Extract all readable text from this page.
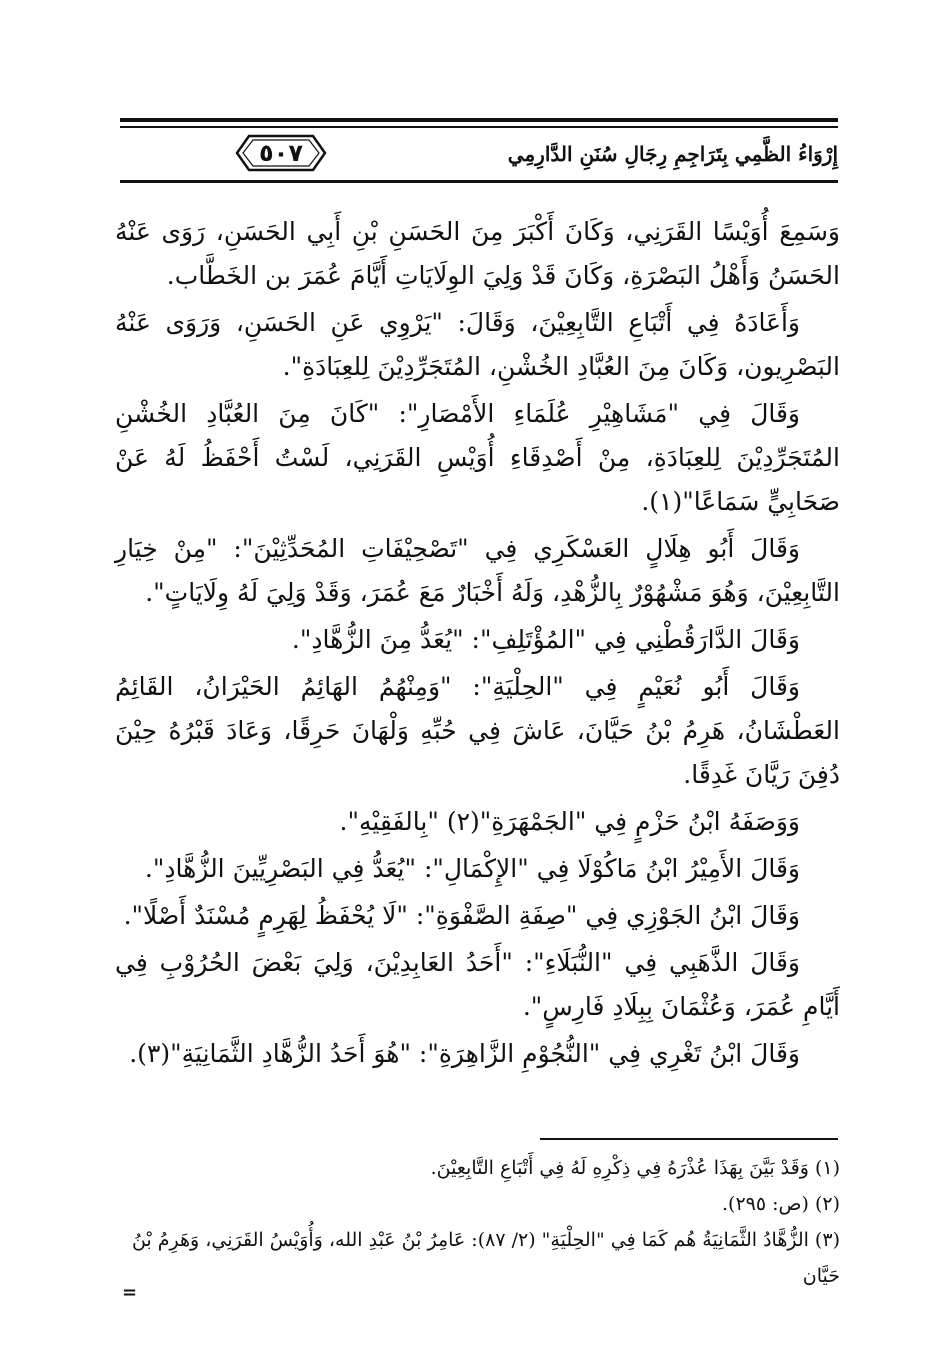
٥٠٧	إِرْوَاءُ الظَّمِي بِتَرَاجِمِ رِجَالِ سُنَنِ الدَّارِمِي

وَسَمِعَ أُوَيْسًا القَرَنِي، وَكَانَ أَكْبَرَ مِنَ الحَسَنِ بْنِ أَبِي الحَسَنِ، رَوَى عَنْهُ الحَسَنُ وَأَهْلُ البَصْرَةِ، وَكَانَ قَدْ وَلِيَ الوِلَايَاتِ أَيَّامَ عُمَرَ بن الخَطَّاب.

وَأَعَادَهُ فِي أَتْبَاعِ التَّابِعِيْنَ، وَقَالَ: "يَرْوِي عَنِ الحَسَنِ، وَرَوَى عَنْهُ البَصْرِيون، وَكَانَ مِنَ العُبَّادِ الخُشْنِ، المُتَجَرِّدِيْنَ لِلعِبَادَةِ".

وَقَالَ فِي "مَشَاهِيْرِ عُلَمَاءِ الأَمْصَارِ": "كَانَ مِنَ العُبَّادِ الخُشْنِ المُتَجَرِّدِيْنَ لِلعِبَادَةِ، مِنْ أَصْدِقَاءِ أُوَيْسِ القَرَنِي، لَسْتُ أَحْفَظُ لَهُ عَنْ صَحَابِيٍّ سَمَاعًا"(١).

وَقَالَ أَبُو هِلَالٍ العَسْكَرِي فِي "تَصْحِيْفَاتِ المُحَدِّثِيْنَ": "مِنْ خِيَارِ التَّابِعِيْنَ، وَهُوَ مَشْهُوْرٌ بِالزُّهْدِ، وَلَهُ أَخْبَارٌ مَعَ عُمَرَ، وَقَدْ وَلِيَ لَهُ وِلَايَاتٍ".

وَقَالَ الدَّارَقُطْنِي فِي "المُؤْتَلِفِ": "يُعَدُّ مِنَ الزُّهَّادِ".

وَقَالَ أَبُو نُعَيْمٍ فِي "الحِلْيَةِ": "وَمِنْهُمُ الهَائِمُ الحَيْرَانُ، القَائِمُ العَطْشَانُ، هَرِمُ بْنُ حَيَّانَ، عَاشَ فِي حُبِّهِ وَلْهَانَ حَرِقًا، وَعَادَ قَبْرُهُ حِيْنَ دُفِنَ رَيَّانَ غَدِقًا.

وَوَصَفَهُ ابْنُ حَزْمٍ فِي "الجَمْهَرَةِ"(٢) "بِالفَقِيْهِ".

وَقَالَ الأَمِيْرُ ابْنُ مَاكُوْلَا فِي "الإِكْمَالِ": "يُعَدُّ فِي البَصْرِيِّينَ الزُّهَّادِ".

وَقَالَ ابْنُ الجَوْزِي فِي "صِفَةِ الصَّفْوَةِ": "لَا يُحْفَظُ لِهَرِمٍ مُسْنَدٌ أَصْلًا".

وَقَالَ الذَّهَبِي فِي "النُّبَلَاءِ": "أَحَدُ العَابِدِيْنَ، وَلِيَ بَعْضَ الحُرُوْبِ فِي أَيَّامِ عُمَرَ، وَعُثْمَانَ بِبِلَادِ فَارِسٍ".

وَقَالَ ابْنُ تَغْرِي فِي "النُّجُوْمِ الزَّاهِرَةِ": "هُوَ أَحَدُ الزُّهَّادِ الثَّمَانِيَةِ"(٣).

(١) وَقَدْ بَيَّنَ بِهَذَا عُذْرَهُ فِي ذِكْرِهِ لَهُ فِي أَتْبَاعِ التَّابِعِيْنَ.

(٢) (ص: ٢٩٥).

(٣) الزُّهَّادُ الثَّمَانِيَةُ هُم كَمَا فِي "الحِلْيَةِ" (٢/ ٨٧): عَامِرُ بْنُ عَبْدِ الله، وَأُوَيْسُ القَرَنِي، وَهَرِمُ بْنُ حَيَّان

=
